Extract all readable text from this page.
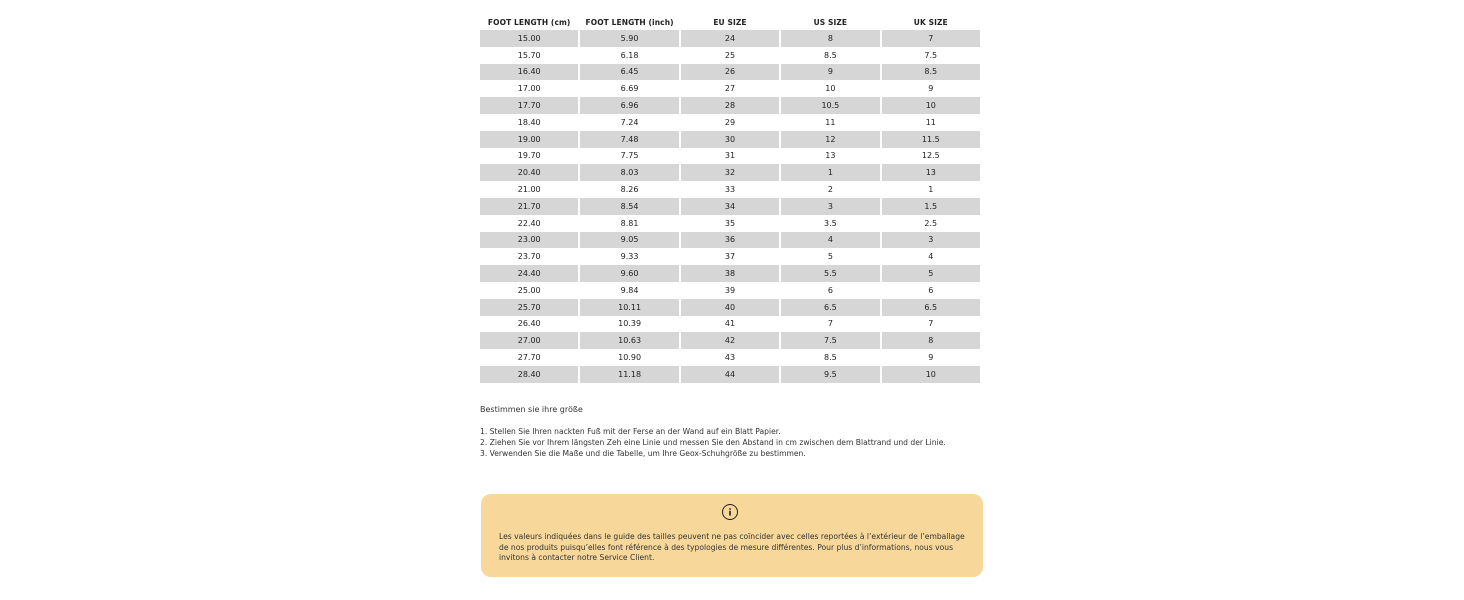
FOOT LENGTH (cm)	FOOT LENGTH (inch)	EU SIZE	US SIZE	UK SIZE
15.00	5.90	24	8	7
15.70	6.18	25	8.5	7.5
16.40	6.45	26	9	8.5
17.00	6.69	27	10	9
17.70	6.96	28	10.5	10
18.40	7.24	29	11	11
19.00	7.48	30	12	11.5
19.70	7.75	31	13	12.5
20.40	8.03	32	1	13
21.00	8.26	33	2	1
21.70	8.54	34	3	1.5
22.40	8.81	35	3.5	2.5
23.00	9.05	36	4	3
23.70	9.33	37	5	4
24.40	9.60	38	5.5	5
25.00	9.84	39	6	6
25.70	10.11	40	6.5	6.5
26.40	10.39	41	7	7
27.00	10.63	42	7.5	8
27.70	10.90	43	8.5	9
28.40	11.18	44	9.5	10
Bestimmen sie ihre größe
1. Stellen Sie Ihren nackten Fuß mit der Ferse an der Wand auf ein Blatt Papier.
2. Ziehen Sie vor Ihrem längsten Zeh eine Linie und messen Sie den Abstand in cm zwischen dem Blattrand und der Linie.
3. Verwenden Sie die Maße und die Tabelle, um Ihre Geox-Schuhgröße zu bestimmen.
Les valeurs indiquées dans le guide des tailles peuvent ne pas coïncider avec celles reportées à l’extérieur de l’emballage de nos produits puisqu’elles font référence à des typologies de mesure différentes. Pour plus d’informations, nous vous invitons à contacter notre Service Client.
